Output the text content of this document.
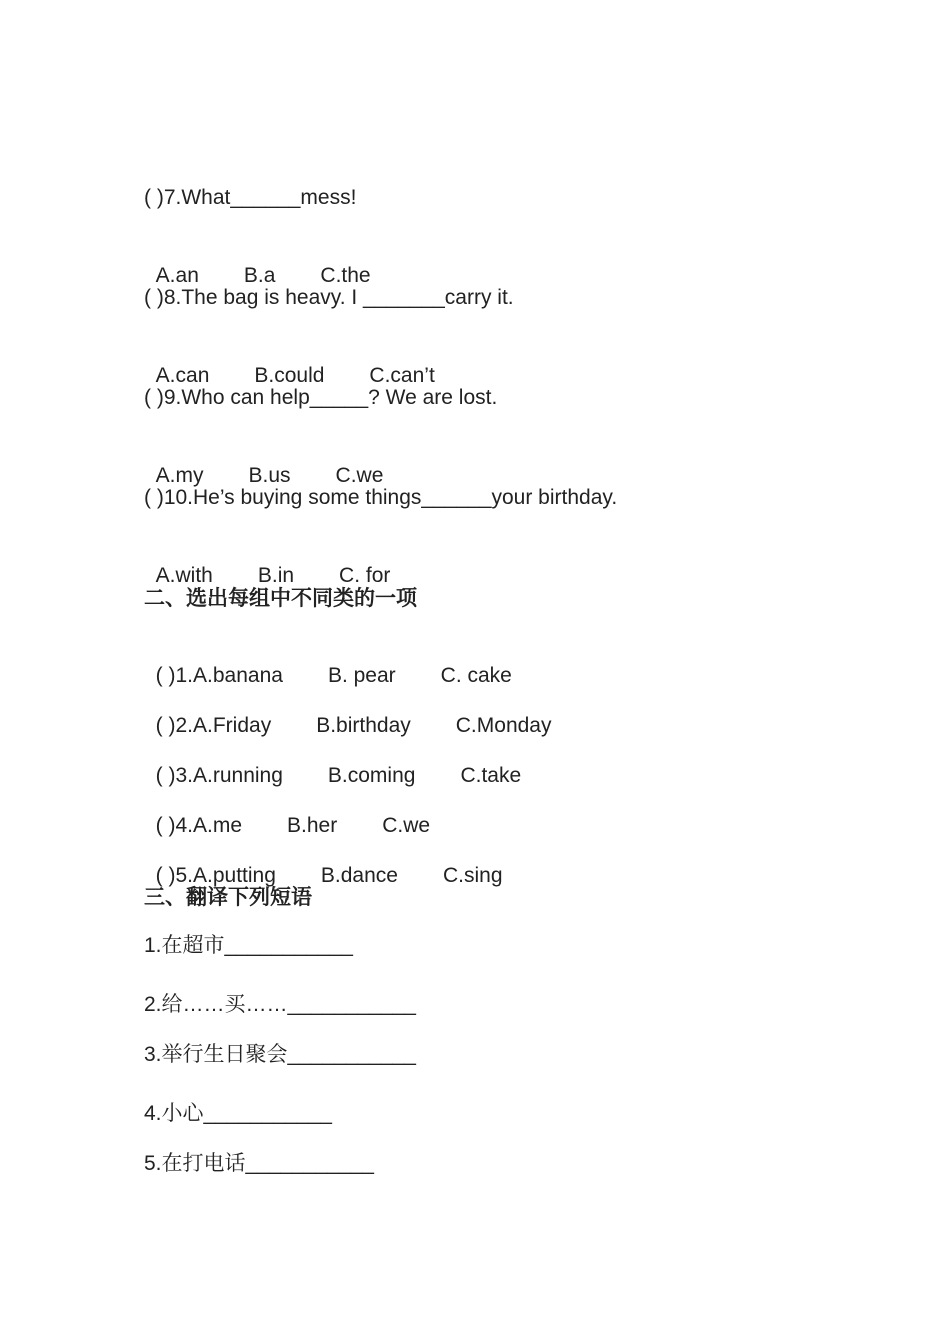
( )7.What______mess!

A.an B.a C.the

( )8.The bag is heavy. I _______carry it.

A.can B.could C.can’t

( )9.Who can help_____? We are lost.

A.my B.us C.we

( )10.He’s buying some things______your birthday.

A.with B.in C. for

二、选出每组中不同类的一项

( )1.A.banana B. pear C. cake

( )2.A.Friday B.birthday C.Monday

( )3.A.running B.coming C.take

( )4.A.me B.her C.we

( )5.A.putting B.dance C.sing

三、翻译下列短语
1.在超市___________
2.给……买……___________
3.举行生日聚会___________
4.小心___________
5.在打电话___________
